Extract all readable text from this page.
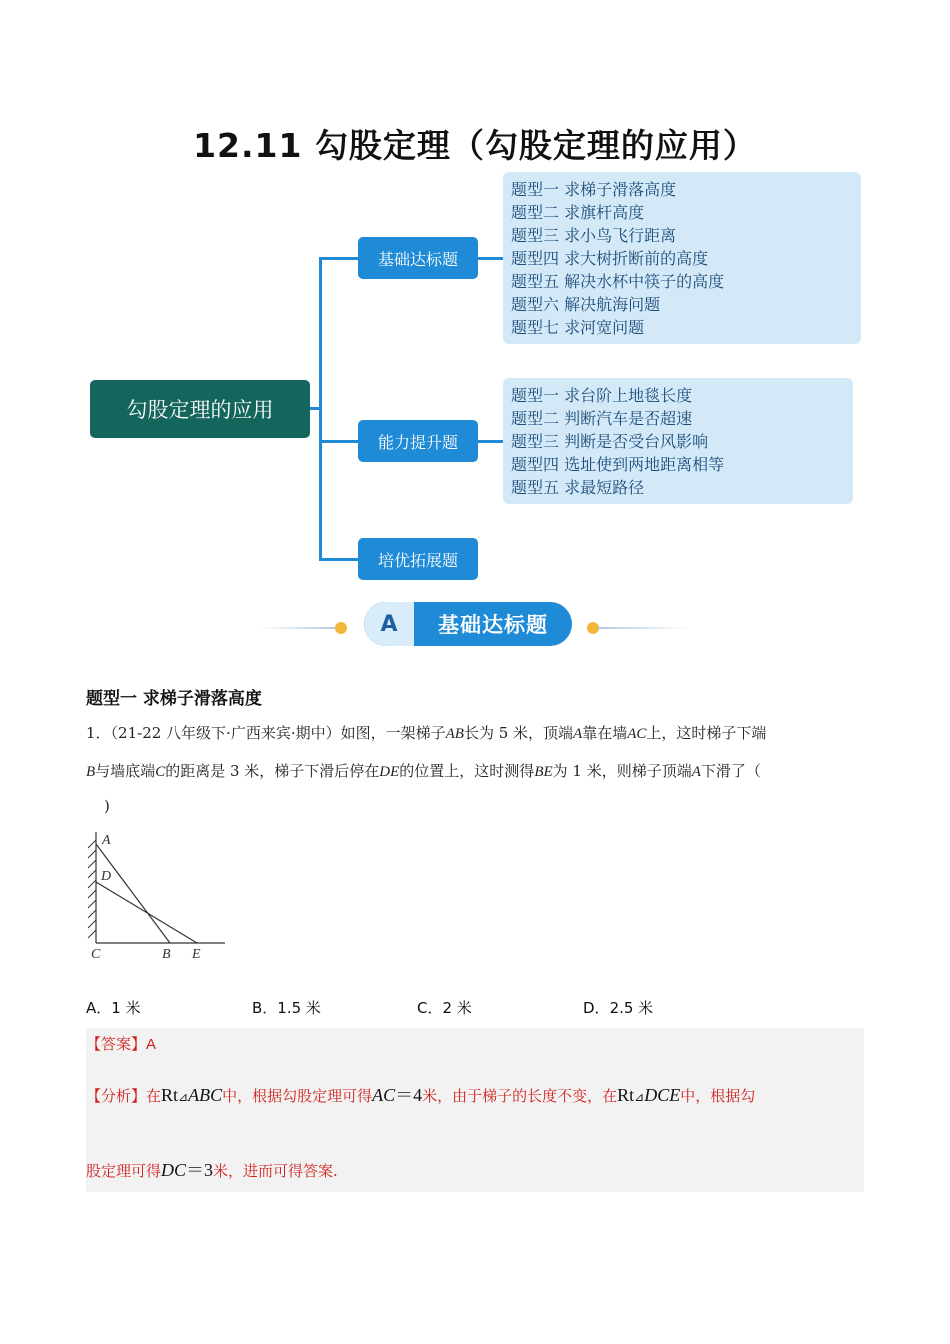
12.11 勾股定理（勾股定理的应用）
勾股定理的应用
基础达标题
能力提升题
培优拓展题
题型一 求梯子滑落高度
题型二 求旗杆高度
题型三 求小鸟飞行距离
题型四 求大树折断前的高度
题型五 解决水杯中筷子的高度
题型六 解决航海问题
题型七 求河宽问题
题型一 求台阶上地毯长度
题型二 判断汽车是否超速
题型三 判断是否受台风影响
题型四 选址使到两地距离相等
题型五 求最短路径
A	基础达标题
题型一 求梯子滑落高度
1．（21-22 八年级下·广西来宾·期中）如图，一架梯子AB长为 5 米，顶端A靠在墙AC上，这时梯子下端
B与墙底端C的距离是 3 米，梯子下滑后停在DE的位置上，这时测得BE为 1 米，则梯子顶端A下滑了（
)
A
D
C	B E
A．1 米	B．1.5 米	C．2 米	D．2.5 米
【答案】A
【分析】在Rt⊿ABC中，根据勾股定理可得AC＝4米，由于梯子的长度不变，在Rt⊿DCE中，根据勾
股定理可得DC＝3米，进而可得答案.
